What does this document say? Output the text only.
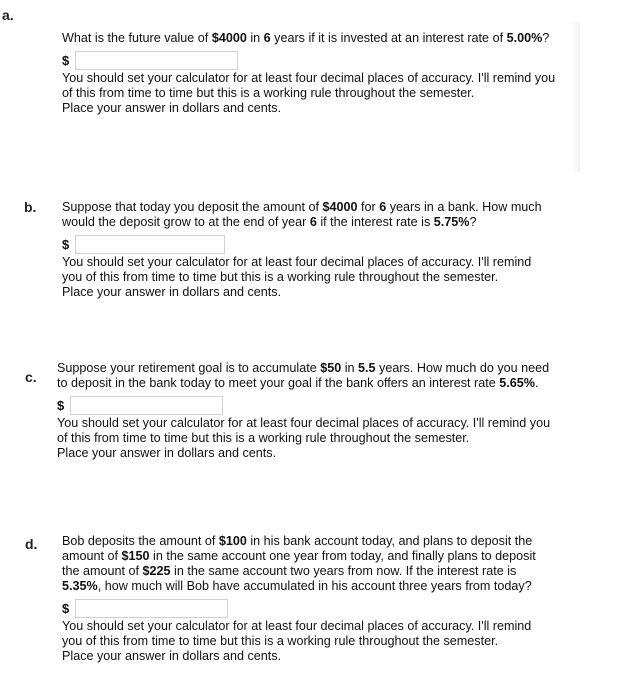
a.

What is the future value of $4000 in 6 years if it is invested at an interest rate of 5.00%?

$

You should set your calculator for at least four decimal places of accuracy. I'll remind you of this from time to time but this is a working rule throughout the semester.

Place your answer in dollars and cents.

b. Suppose that today you deposit the amount of $4000 for 6 years in a bank. How much would the deposit grow to at the end of year 6 if the interest rate is 5.75%?

$

You should set your calculator for at least four decimal places of accuracy. I'll remind you of this from time to time but this is a working rule throughout the semester.

Place your answer in dollars and cents.

c.

Suppose your retirement goal is to accumulate $50 in 5.5 years. How much do you need to deposit in the bank today to meet your goal if the bank offers an interest rate 5.65%.

$

You should set your calculator for at least four decimal places of accuracy. I'll remind you of this from time to time but this is a working rule throughout the semester.

Place your answer in dollars and cents.

d. Bob deposits the amount of $100 in his bank account today, and plans to deposit the amount of $150 in the same account one year from today, and finally plans to deposit the amount of $225 in the same account two years from now. If the interest rate is 5.35%, how much will Bob have accumulated in his account three years from today?

$

You should set your calculator for at least four decimal places of accuracy. I'll remind you of this from time to time but this is a working rule throughout the semester.

Place your answer in dollars and cents.
